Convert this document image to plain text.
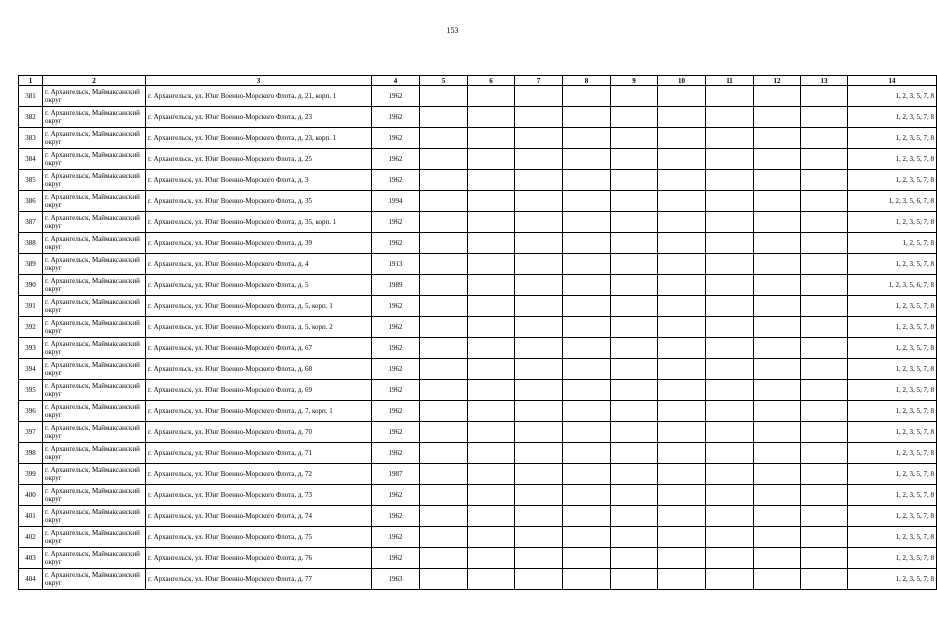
153
1	2	3	4	5	6	7	8	9	10	11	12	13	14
381	г. Архангельск, Маймаксанский округ	г. Архангельск, ул. Юнг Военно-Морского Флота, д. 21, корп. 1	1962										1, 2, 3, 5, 7, 8
382	г. Архангельск, Маймаксанский округ	г. Архангельск, ул. Юнг Военно-Морского Флота, д. 23	1962										1, 2, 3, 5, 7, 8
383	г. Архангельск, Маймаксанский округ	г. Архангельск, ул. Юнг Военно-Морского Флота, д. 23, корп. 1	1962										1, 2, 3, 5, 7, 8
384	г. Архангельск, Маймаксанский округ	г. Архангельск, ул. Юнг Военно-Морского Флота, д. 25	1962										1, 2, 3, 5, 7, 8
385	г. Архангельск, Маймаксанский округ	г. Архангельск, ул. Юнг Военно-Морского Флота, д. 3	1962										1, 2, 3, 5, 7, 8
386	г. Архангельск, Маймаксанский округ	г. Архангельск, ул. Юнг Военно-Морского Флота, д. 35	1994										1, 2, 3, 5, 6, 7, 8
387	г. Архангельск, Маймаксанский округ	г. Архангельск, ул. Юнг Военно-Морского Флота, д. 35, корп. 1	1962										1, 2, 3, 5, 7, 8
388	г. Архангельск, Маймаксанский округ	г. Архангельск, ул. Юнг Военно-Морского Флота, д. 39	1962										1, 2, 5, 7, 8
389	г. Архангельск, Маймаксанский округ	г. Архангельск, ул. Юнг Военно-Морского Флота, д. 4	1913										1, 2, 3, 5, 7, 8
390	г. Архангельск, Маймаксанский округ	г. Архангельск, ул. Юнг Военно-Морского Флота, д. 5	1989										1, 2, 3, 5, 6, 7, 8
391	г. Архангельск, Маймаксанский округ	г. Архангельск, ул. Юнг Военно-Морского Флота, д. 5, корп. 1	1962										1, 2, 3, 5, 7, 8
392	г. Архангельск, Маймаксанский округ	г. Архангельск, ул. Юнг Военно-Морского Флота, д. 5, корп. 2	1962										1, 2, 3, 5, 7, 8
393	г. Архангельск, Маймаксанский округ	г. Архангельск, ул. Юнг Военно-Морского Флота, д. 67	1962										1, 2, 3, 5, 7, 8
394	г. Архангельск, Маймаксанский округ	г. Архангельск, ул. Юнг Военно-Морского Флота, д. 68	1962										1, 2, 3, 5, 7, 8
395	г. Архангельск, Маймаксанский округ	г. Архангельск, ул. Юнг Военно-Морского Флота, д. 69	1962										1, 2, 3, 5, 7, 8
396	г. Архангельск, Маймаксанский округ	г. Архангельск, ул. Юнг Военно-Морского Флота, д. 7, корп. 1	1962										1, 2, 3, 5, 7, 8
397	г. Архангельск, Маймаксанский округ	г. Архангельск, ул. Юнг Военно-Морского Флота, д. 70	1962										1, 2, 3, 5, 7, 8
398	г. Архангельск, Маймаксанский округ	г. Архангельск, ул. Юнг Военно-Морского Флота, д. 71	1962										1, 2, 3, 5, 7, 8
399	г. Архангельск, Маймаксанский округ	г. Архангельск, ул. Юнг Военно-Морского Флота, д. 72	1987										1, 2, 3, 5, 7, 8
400	г. Архангельск, Маймаксанский округ	г. Архангельск, ул. Юнг Военно-Морского Флота, д. 73	1962										1, 2, 3, 5, 7, 8
401	г. Архангельск, Маймаксанский округ	г. Архангельск, ул. Юнг Военно-Морского Флота, д. 74	1962										1, 2, 3, 5, 7, 8
402	г. Архангельск, Маймаксанский округ	г. Архангельск, ул. Юнг Военно-Морского Флота, д. 75	1962										1, 2, 3, 5, 7, 8
403	г. Архангельск, Маймаксанский округ	г. Архангельск, ул. Юнг Военно-Морского Флота, д. 76	1962										1, 2, 3, 5, 7, 8
404	г. Архангельск, Маймаксанский округ	г. Архангельск, ул. Юнг Военно-Морского Флота, д. 77	1963										1, 2, 3, 5, 7, 8
